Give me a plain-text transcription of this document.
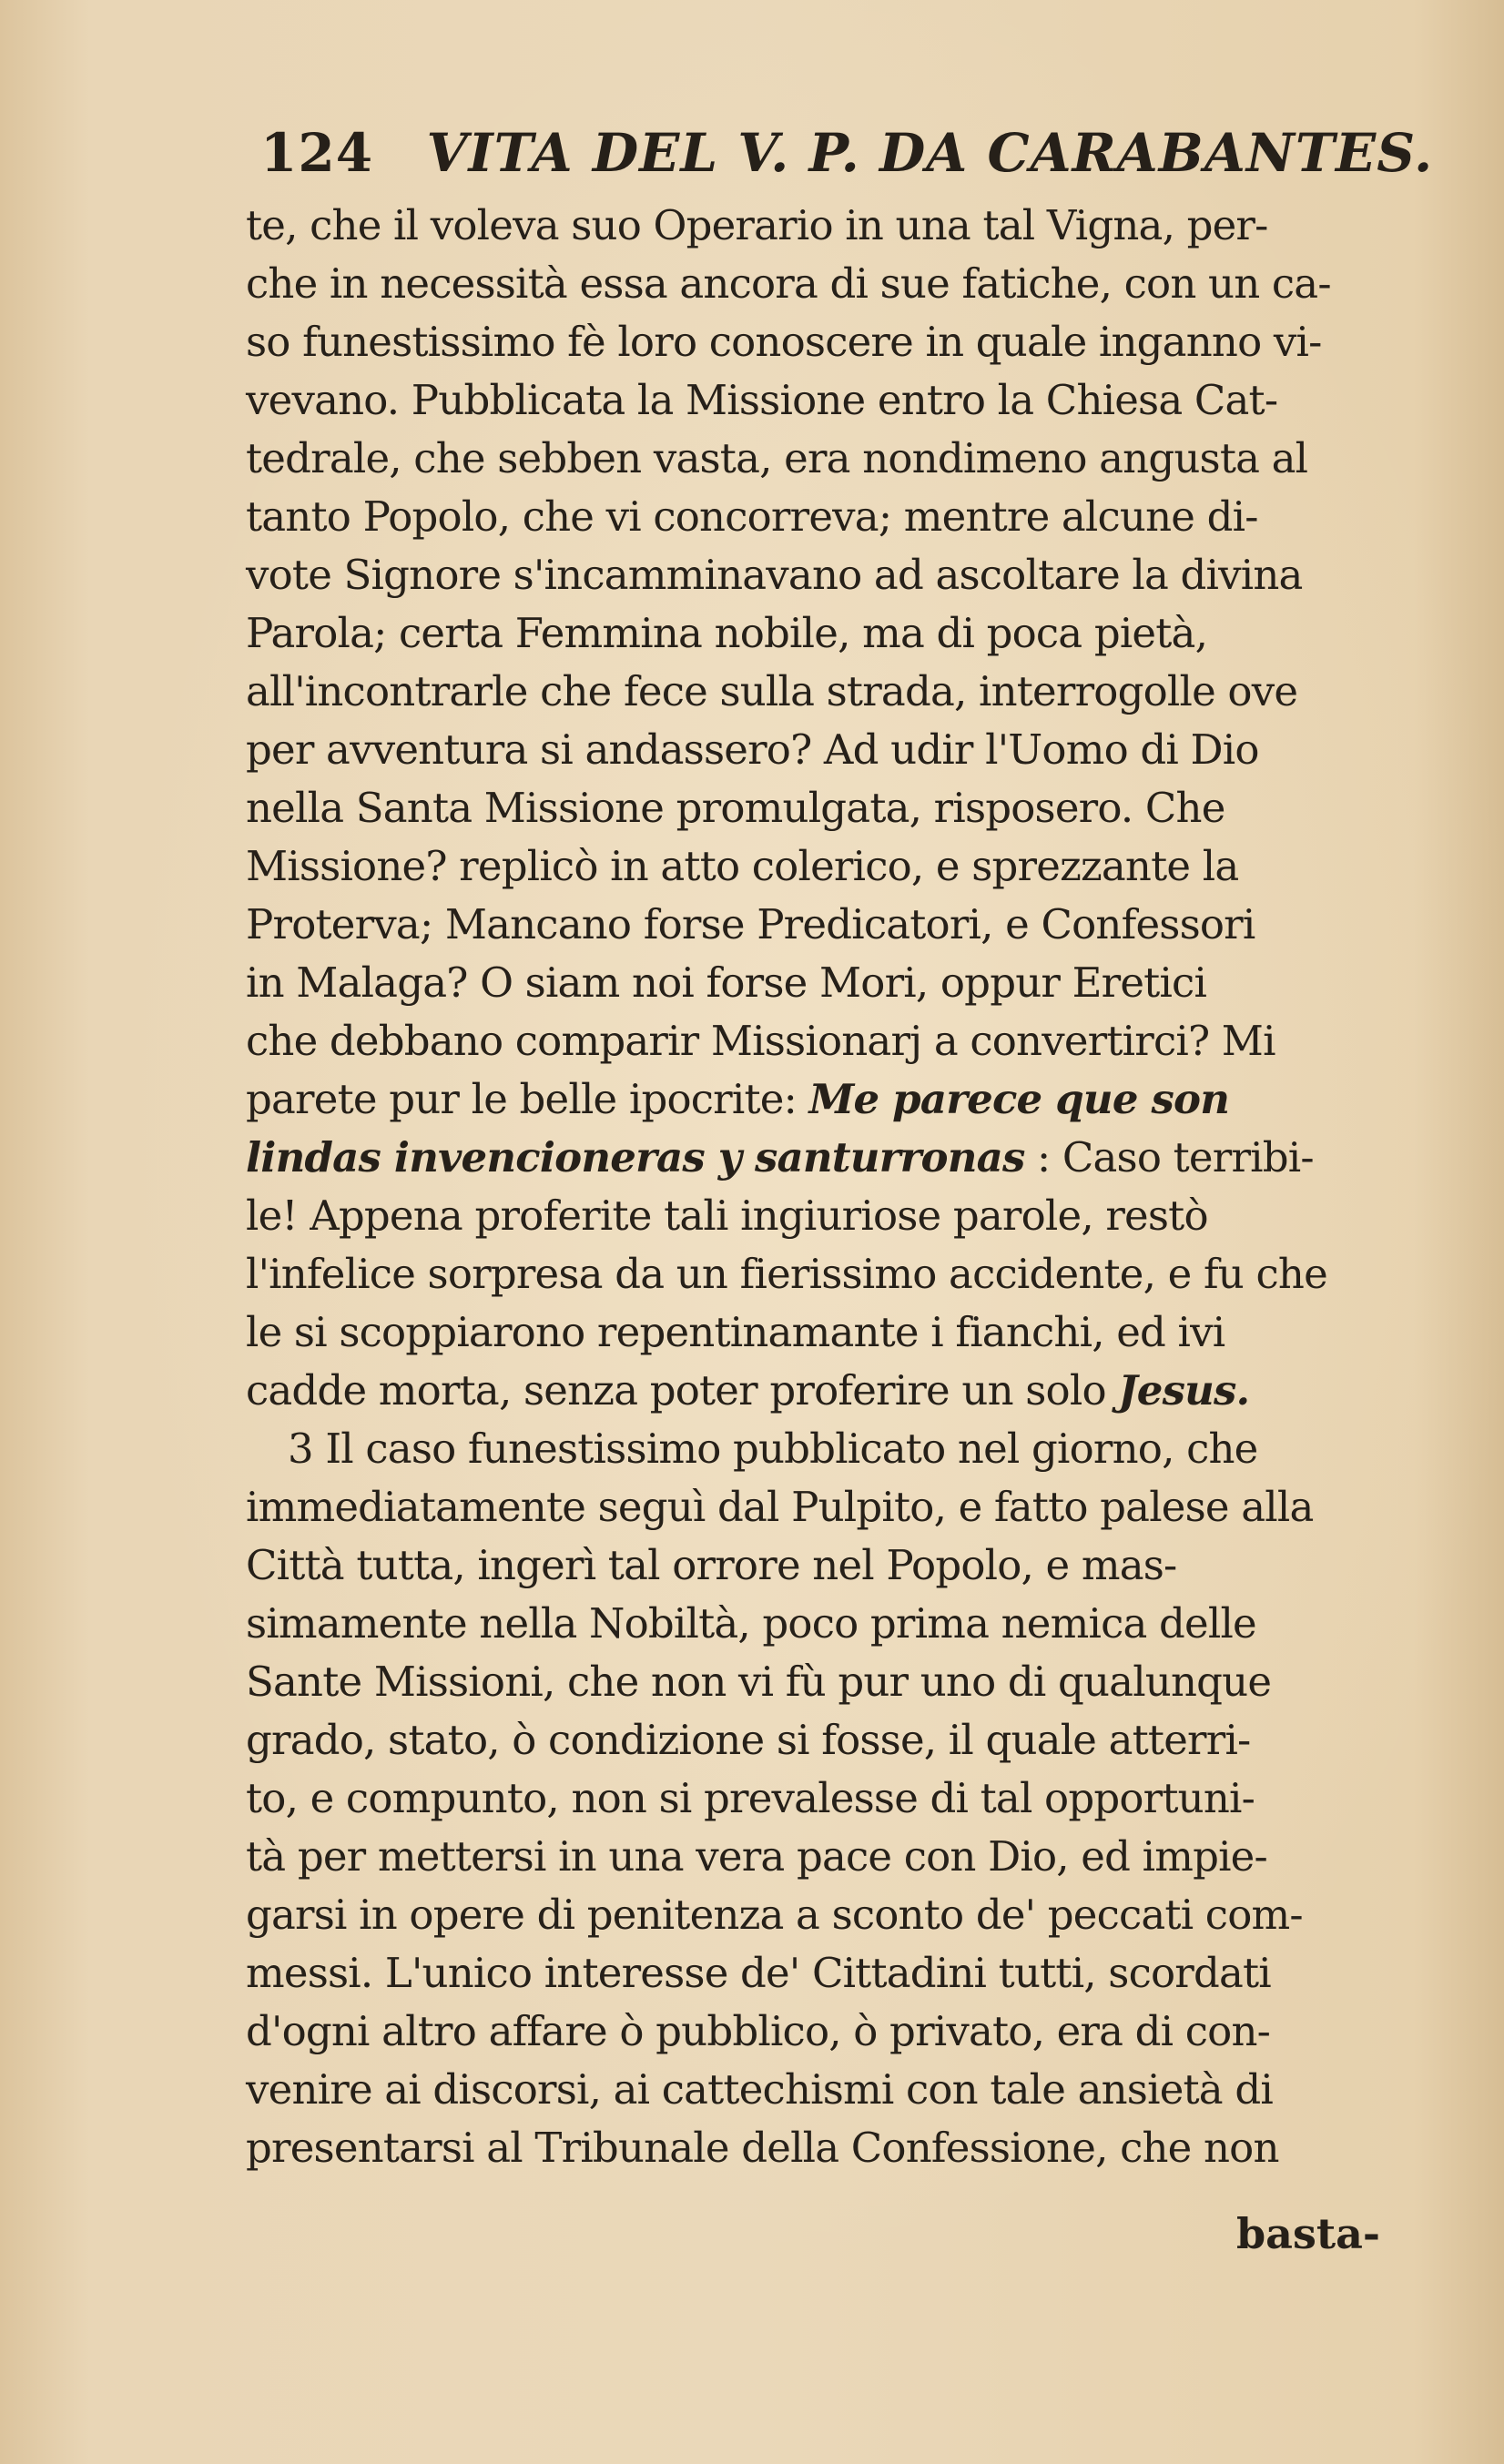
124 VITA DEL V. P. DA CARABANTES.
te, che il voleva suo Operario in una tal Vigna, per-
che in necessità essa ancora di sue fatiche, con un ca-
so funestissimo fè loro conoscere in quale inganno vi-
vevano. Pubblicata la Missione entro la Chiesa Cat-
tedrale, che sebben vasta, era nondimeno angusta al
tanto Popolo, che vi concorreva; mentre alcune di-
vote Signore s'incamminavano ad ascoltare la divina
Parola; certa Femmina nobile, ma di poca pietà,
all'incontrarle che fece sulla strada, interrogolle ove
per avventura si andassero? Ad udir l'Uomo di Dio
nella Santa Missione promulgata, risposero. Che
Missione? replicò in atto colerico, e sprezzante la
Proterva; Mancano forse Predicatori, e Confessori
in Malaga? O siam noi forse Mori, oppur Eretici
che debbano comparir Missionarj a convertirci? Mi
parete pur le belle ipocrite: Me parece que son
lindas invencioneras y santurronas : Caso terribi-
le! Appena proferite tali ingiuriose parole, restò
l'infelice sorpresa da un fierissimo accidente, e fu che
le si scoppiarono repentinamante i fianchi, ed ivi
cadde morta, senza poter proferire un solo Jesus.
3 Il caso funestissimo pubblicato nel giorno, che
immediatamente seguì dal Pulpito, e fatto palese alla
Città tutta, ingerì tal orrore nel Popolo, e mas-
simamente nella Nobiltà, poco prima nemica delle
Sante Missioni, che non vi fù pur uno di qualunque
grado, stato, ò condizione si fosse, il quale atterri-
to, e compunto, non si prevalesse di tal opportuni-
tà per mettersi in una vera pace con Dio, ed impie-
garsi in opere di penitenza a sconto de' peccati com-
messi. L'unico interesse de' Cittadini tutti, scordati
d'ogni altro affare ò pubblico, ò privato, era di con-
venire ai discorsi, ai cattechismi con tale ansietà di
presentarsi al Tribunale della Confessione, che non
basta-
